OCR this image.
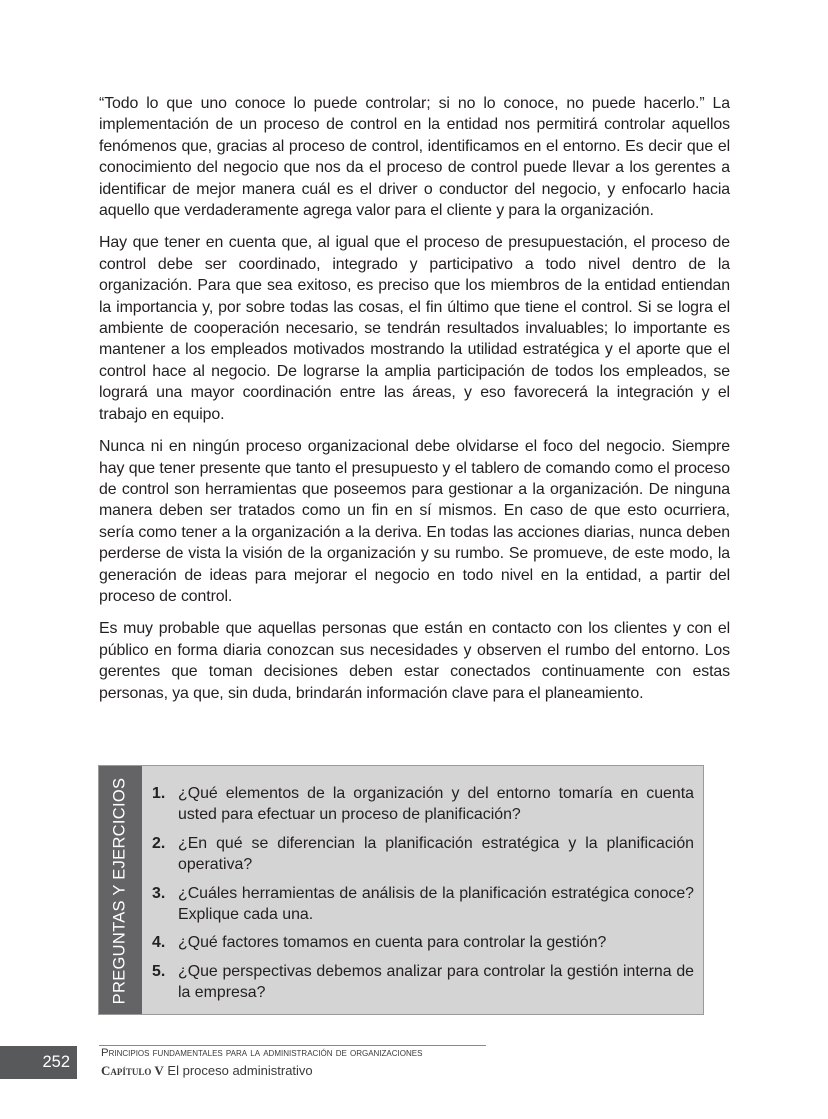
“Todo lo que uno conoce lo puede controlar; si no lo conoce, no puede hacerlo.” La implementación de un proceso de control en la entidad nos permitirá controlar aquellos fenómenos que, gracias al proceso de control, identificamos en el entorno. Es decir que el conocimiento del negocio que nos da el proceso de control puede llevar a los gerentes a identificar de mejor manera cuál es el driver o conductor del negocio, y enfocarlo hacia aquello que verdaderamente agrega valor para el cliente y para la organización.

Hay que tener en cuenta que, al igual que el proceso de presupuestación, el proceso de control debe ser coordinado, integrado y participativo a todo nivel dentro de la organización. Para que sea exitoso, es preciso que los miembros de la entidad entiendan la importancia y, por sobre todas las cosas, el fin último que tiene el control. Si se logra el ambiente de cooperación necesario, se tendrán resultados invaluables; lo importante es mantener a los empleados motivados mostrando la utilidad estratégica y el aporte que el control hace al negocio. De lograrse la amplia participación de todos los empleados, se logrará una mayor coordinación entre las áreas, y eso favorecerá la integración y el trabajo en equipo.

Nunca ni en ningún proceso organizacional debe olvidarse el foco del negocio. Siempre hay que tener presente que tanto el presupuesto y el tablero de comando como el proceso de control son herramientas que poseemos para gestionar a la organización. De ninguna manera deben ser tratados como un fin en sí mismos. En caso de que esto ocurriera, sería como tener a la organización a la deriva. En todas las acciones diarias, nunca deben perderse de vista la visión de la organización y su rumbo. Se promueve, de este modo, la generación de ideas para mejorar el negocio en todo nivel en la entidad, a partir del proceso de control.

Es muy probable que aquellas personas que están en contacto con los clientes y con el público en forma diaria conozcan sus necesidades y observen el rumbo del entorno. Los gerentes que toman decisiones deben estar conectados continuamente con estas personas, ya que, sin duda, brindarán información clave para el planeamiento.

PREGUNTAS Y EJERCICIOS 1. ¿Qué elementos de la organización y del entorno tomaría en cuenta usted para efectuar un proceso de planificación?
2. ¿En qué se diferencian la planificación estratégica y la planificación operativa?
3. ¿Cuáles herramientas de análisis de la planificación estratégica conoce? Explique cada una.
4. ¿Qué factores tomamos en cuenta para controlar la gestión?
5. ¿Que perspectivas debemos analizar para controlar la gestión interna de la empresa?
252	Principios fundamentales para la administración de organizaciones
Capítulo V El proceso administrativo
